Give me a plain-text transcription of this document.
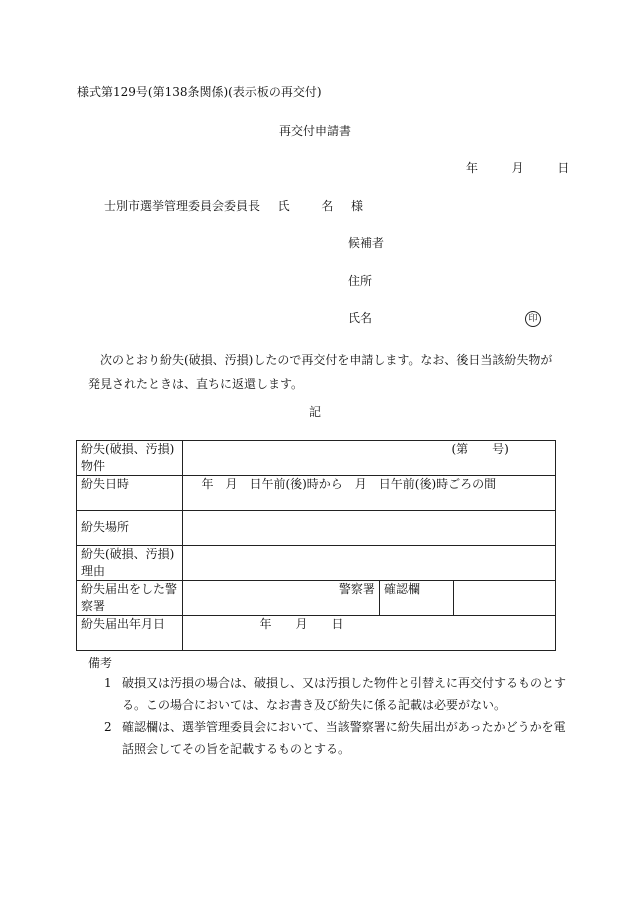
様式第129号(第138条関係)(表示板の再交付)
再交付申請書
年	月	日
士別市選挙管理委員会委員長 氏	名 様
候補者
住所
氏名	印
次のとおり紛失(破損、汚損)したので再交付を申請します。なお、後日当該紛失物が
発見されたときは、直ちに返還します。
記
紛失(破損、汚損)
物件	(第　　号)		

紛失日時	年　月　日午前(後)時から　月　日午前(後)時ごろの間		

紛失場所			

紛失(破損、汚損)
理由			

紛失届出をした警
察署	警察署	確認欄	
紛失届出年月日	年　　月　　日		
備考
1 破損又は汚損の場合は、破損し、又は汚損した物件と引替えに再交付するものとす
る。この場合においては、なお書き及び紛失に係る記載は必要がない。
2 確認欄は、選挙管理委員会において、当該警察署に紛失届出があったかどうかを電
話照会してその旨を記載するものとする。
